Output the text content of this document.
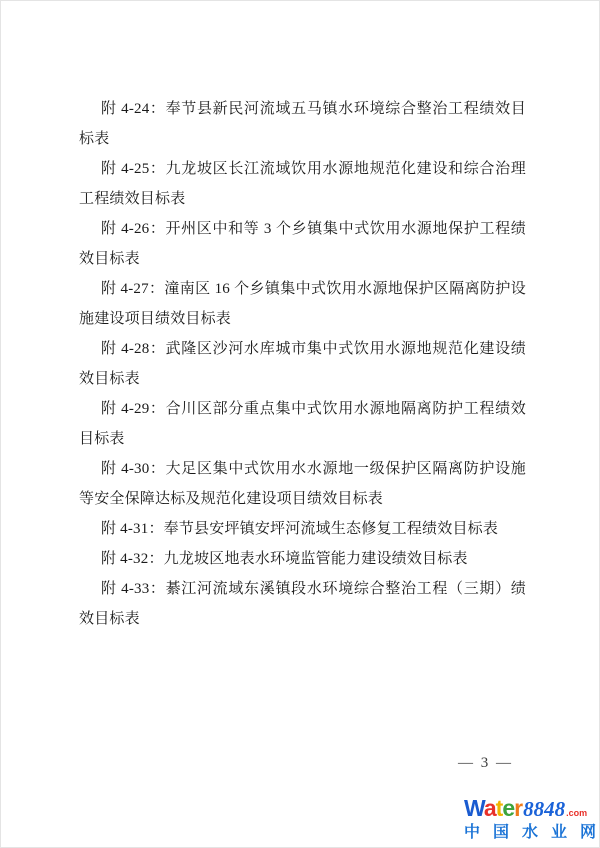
附 4-24：奉节县新民河流域五马镇水环境综合整治工程绩效目标表

附 4-25：九龙坡区长江流域饮用水源地规范化建设和综合治理工程绩效目标表

附 4-26：开州区中和等 3 个乡镇集中式饮用水源地保护工程绩效目标表

附 4-27：潼南区 16 个乡镇集中式饮用水源地保护区隔离防护设施建设项目绩效目标表

附 4-28：武隆区沙河水库城市集中式饮用水源地规范化建设绩效目标表

附 4-29：合川区部分重点集中式饮用水源地隔离防护工程绩效目标表

附 4-30：大足区集中式饮用水水源地一级保护区隔离防护设施等安全保障达标及规范化建设项目绩效目标表

附 4-31：奉节县安坪镇安坪河流域生态修复工程绩效目标表

附 4-32：九龙坡区地表水环境监管能力建设绩效目标表

附 4-33：綦江河流域东溪镇段水环境综合整治工程（三期）绩效目标表

— 3 —
Water 8848 .com
中 国 水 业 网
